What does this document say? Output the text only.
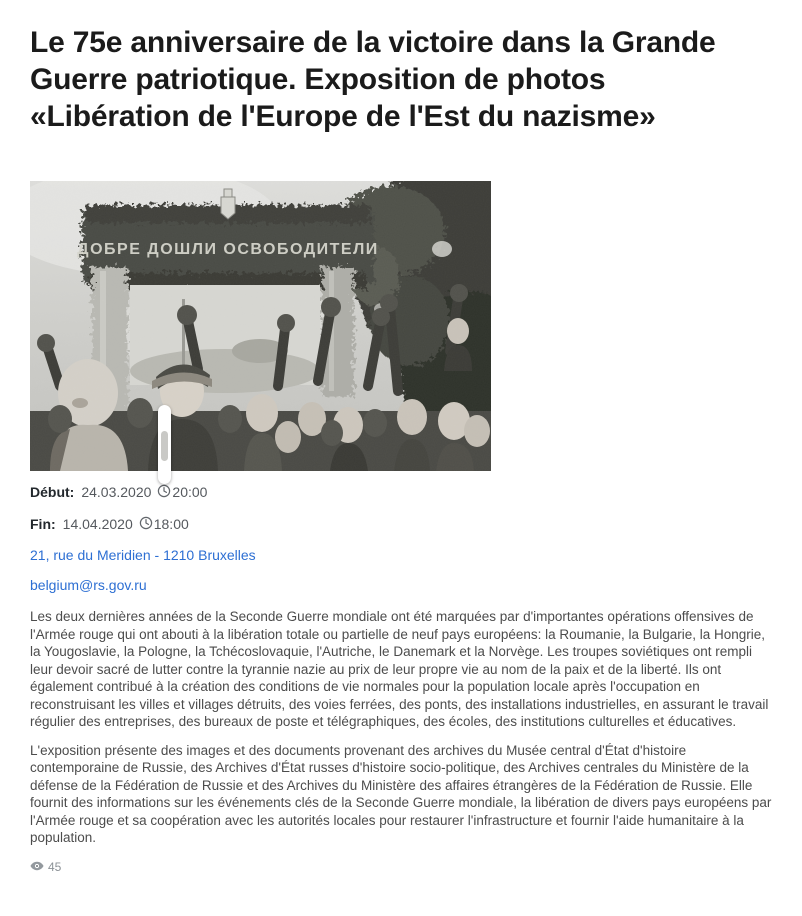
Le 75e anniversaire de la victoire dans la Grande Guerre patriotique. Exposition de photos «Libération de l'Europe de l'Est du nazisme»
ДОБРЕ ДОШЛИ ОСВОБОДИТЕЛИ
Début: 24.03.2020 20:00
Fin: 14.04.2020 18:00
21, rue du Meridien - 1210 Bruxelles
belgium@rs.gov.ru

Les deux dernières années de la Seconde Guerre mondiale ont été marquées par d'importantes opérations offensives de l'Armée rouge qui ont abouti à la libération totale ou partielle de neuf pays européens: la Roumanie, la Bulgarie, la Hongrie, la Yougoslavie, la Pologne, la Tchécoslovaquie, l'Autriche, le Danemark et la Norvège. Les troupes soviétiques ont rempli leur devoir sacré de lutter contre la tyrannie nazie au prix de leur propre vie au nom de la paix et de la liberté. Ils ont également contribué à la création des conditions de vie normales pour la population locale après l'occupation en reconstruisant les villes et villages détruits, des voies ferrées, des ponts, des installations industrielles, en assurant le travail régulier des entreprises, des bureaux de poste et télégraphiques, des écoles, des institutions culturelles et éducatives.

L'exposition présente des images et des documents provenant des archives du Musée central d'État d'histoire contemporaine de Russie, des Archives d'État russes d'histoire socio-politique, des Archives centrales du Ministère de la défense de la Fédération de Russie et des Archives du Ministère des affaires étrangères de la Fédération de Russie. Elle fournit des informations sur les événements clés de la Seconde Guerre mondiale, la libération de divers pays européens par l'Armée rouge et sa coopération avec les autorités locales pour restaurer l'infrastructure et fournir l'aide humanitaire à la population.

45
